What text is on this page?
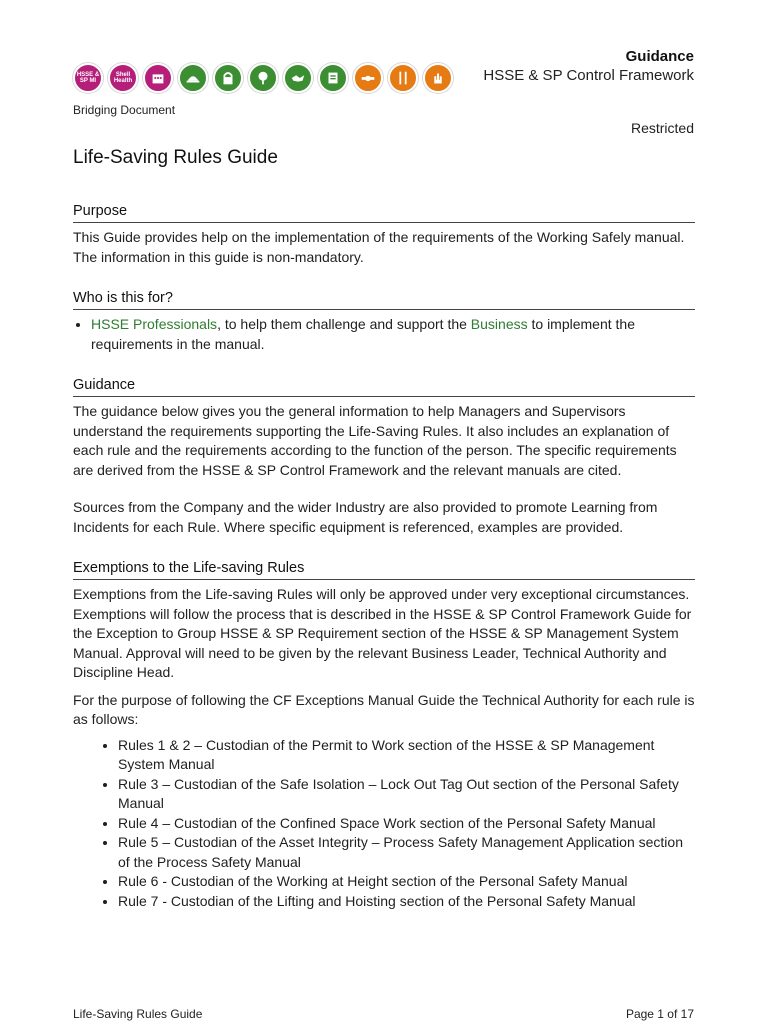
HSSE & SP MI
Shell Health
Guidance
HSSE & SP Control Framework
Bridging Document
Restricted
Life-Saving Rules Guide
Purpose

This Guide provides help on the implementation of the requirements of the Working Safely manual. The information in this guide is non-mandatory.

Who is this for?
• HSSE Professionals, to help them challenge and support the Business to implement the requirements in the manual.
Guidance

The guidance below gives you the general information to help Managers and Supervisors understand the requirements supporting the Life-Saving Rules. It also includes an explanation of each rule and the requirements according to the function of the person. The specific requirements are derived from the HSSE & SP Control Framework and the relevant manuals are cited.

Sources from the Company and the wider Industry are also provided to promote Learning from Incidents for each Rule. Where specific equipment is referenced, examples are provided.

Exemptions to the Life-saving Rules

Exemptions from the Life-saving Rules will only be approved under very exceptional circumstances. Exemptions will follow the process that is described in the HSSE & SP Control Framework Guide for the Exception to Group HSSE & SP Requirement section of the HSSE & SP Management System Manual. Approval will need to be given by the relevant Business Leader, Technical Authority and Discipline Head.

For the purpose of following the CF Exceptions Manual Guide the Technical Authority for each rule is as follows:

• Rules 1 & 2 – Custodian of the Permit to Work section of the HSSE & SP Management System Manual
• Rule 3 – Custodian of the Safe Isolation – Lock Out Tag Out section of the Personal Safety Manual
• Rule 4 – Custodian of the Confined Space Work section of the Personal Safety Manual
• Rule 5 – Custodian of the Asset Integrity – Process Safety Management Application section of the Process Safety Manual
• Rule 6 - Custodian of the Working at Height section of the Personal Safety Manual
• Rule 7 - Custodian of the Lifting and Hoisting section of the Personal Safety Manual
Life-Saving Rules Guide	Page 1 of 17
